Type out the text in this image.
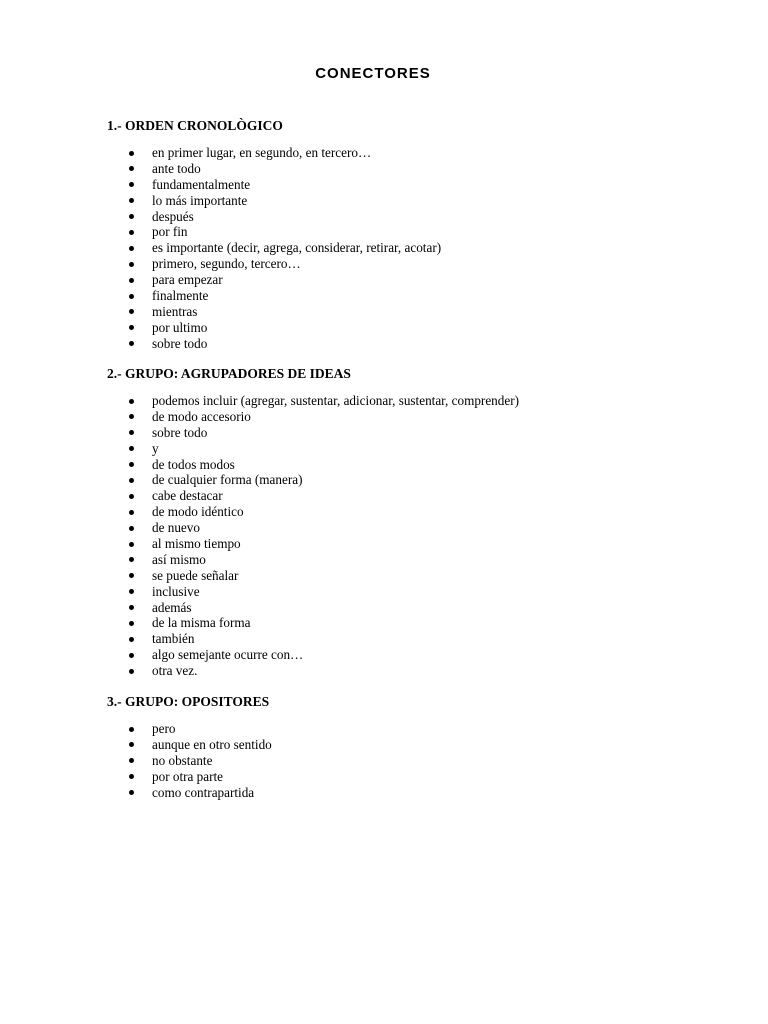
CONECTORES
1.- ORDEN CRONOLÒGICO
en primer lugar, en segundo, en tercero…
ante todo
fundamentalmente
lo más importante
después
por fin
es importante (decir, agrega, considerar, retirar, acotar)
primero, segundo, tercero…
para empezar
finalmente
mientras
por ultimo
sobre todo
2.- GRUPO: AGRUPADORES DE IDEAS
podemos incluir (agregar, sustentar, adicionar, sustentar, comprender)
de modo accesorio
sobre todo
y
de todos modos
de cualquier forma (manera)
cabe destacar
de modo idéntico
de nuevo
al mismo tiempo
así mismo
se puede señalar
inclusive
además
de la misma forma
también
algo semejante ocurre con…
otra vez.
3.- GRUPO: OPOSITORES
pero
aunque en otro sentido
no obstante
por otra parte
como contrapartida
